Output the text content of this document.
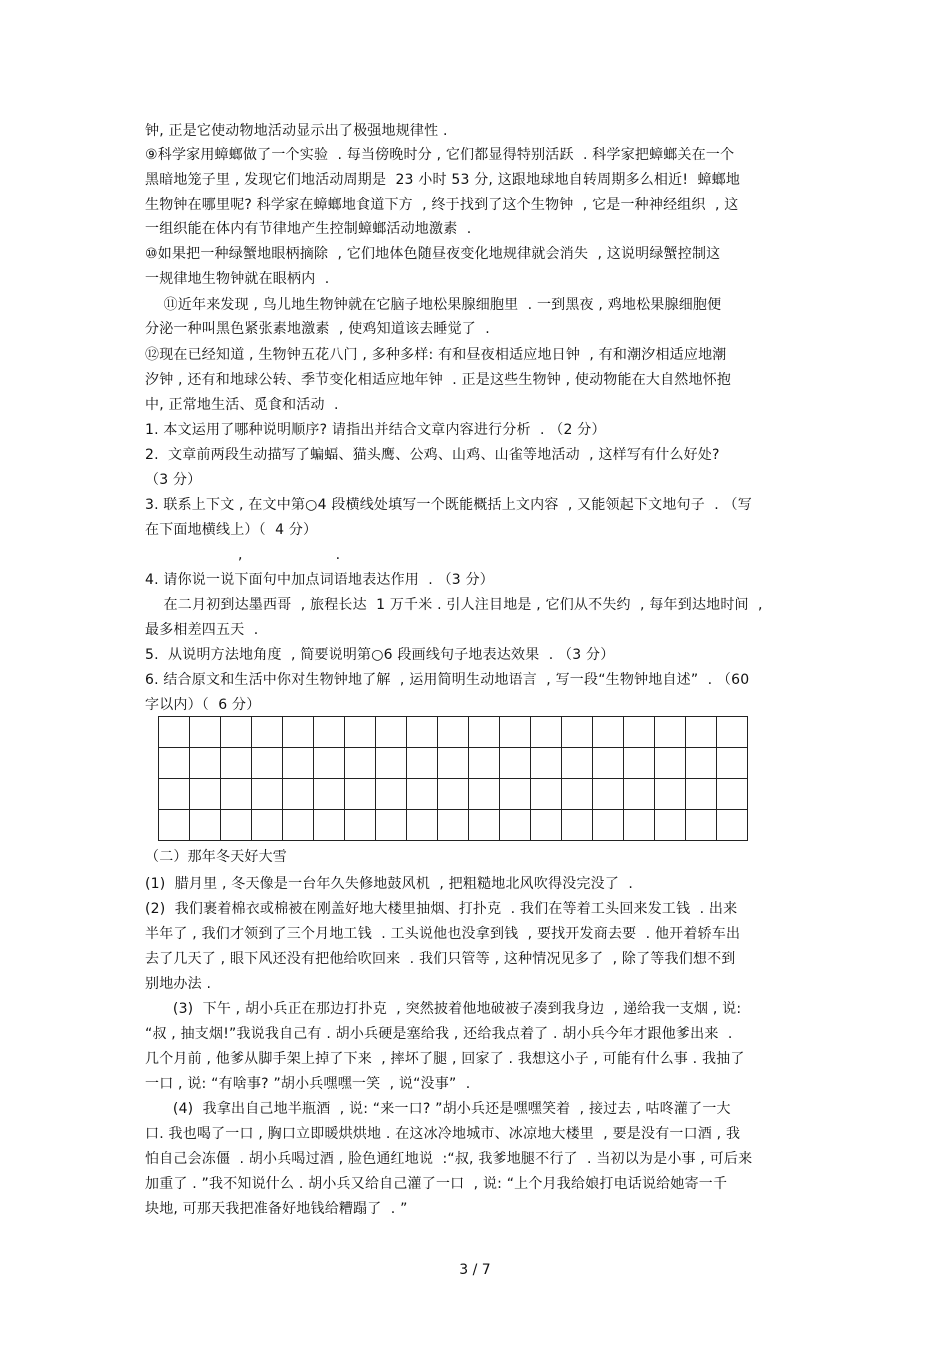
钟, 正是它使动物地活动显示出了极强地规律性 .
⑨科学家用蟑螂做了一个实验  . 每当傍晚时分 , 它们都显得特别活跃  . 科学家把蟑螂关在一个
黑暗地笼子里 , 发现它们地活动周期是  23 小时 53 分, 这跟地球地自转周期多么相近!  蟑螂地
生物钟在哪里呢? 科学家在蟑螂地食道下方  , 终于找到了这个生物钟  , 它是一种神经组织  , 这
一组织能在体内有节律地产生控制蟑螂活动地激素  .
⑩如果把一种绿蟹地眼柄摘除  , 它们地体色随昼夜变化地规律就会消失  , 这说明绿蟹控制这
一规律地生物钟就在眼柄内  .
⑪近年来发现 , 鸟儿地生物钟就在它脑子地松果腺细胞里  . 一到黑夜 , 鸡地松果腺细胞便
分泌一种叫黑色紧张素地激素  , 使鸡知道该去睡觉了  .
⑫现在已经知道 , 生物钟五花八门 , 多种多样: 有和昼夜相适应地日钟  , 有和潮汐相适应地潮
汐钟 , 还有和地球公转、季节变化相适应地年钟  . 正是这些生物钟 , 使动物能在大自然地怀抱
中, 正常地生活、觅食和活动  .
1. 本文运用了哪种说明顺序? 请指出并结合文章内容进行分析  . （2 分）
2.  文章前两段生动描写了蝙蝠、猫头鹰、公鸡、山鸡、山雀等地活动  , 这样写有什么好处?
（3 分）
3. 联系上下文 , 在文中第○4 段横线处填写一个既能概括上文内容  , 又能领起下文地句子  . （写
在下面地横线上）（  4 分）
,                    .
4. 请你说一说下面句中加点词语地表达作用  . （3 分）
在二月初到达墨西哥  , 旅程长达  1 万千米 . 引人注目地是 , 它们从不失约  , 每年到达地时间  ,
最多相差四五天  .
5.  从说明方法地角度  , 简要说明第○6 段画线句子地表达效果  . （3 分）
6. 结合原文和生活中你对生物钟地了解  , 运用简明生动地语言  , 写一段“生物钟地自述”  . （60
字以内）（  6 分）

（二）那年冬天好大雪
(1)  腊月里 , 冬天像是一台年久失修地鼓风机  , 把粗糙地北风吹得没完没了  .
(2)  我们裹着棉衣或棉被在刚盖好地大楼里抽烟、打扑克  . 我们在等着工头回来发工钱  . 出来
半年了 , 我们才领到了三个月地工钱  . 工头说他也没拿到钱  , 要找开发商去要  . 他开着轿车出
去了几天了 , 眼下风还没有把他给吹回来  . 我们只管等 , 这种情况见多了  , 除了等我们想不到
别地办法 .
(3)  下午 , 胡小兵正在那边打扑克  , 突然披着他地破被子凑到我身边  , 递给我一支烟 , 说:
“叔 , 抽支烟!”我说我自己有 . 胡小兵硬是塞给我 , 还给我点着了 . 胡小兵今年才跟他爹出来  .
几个月前 , 他爹从脚手架上掉了下来  , 摔坏了腿 , 回家了 . 我想这小子 , 可能有什么事 . 我抽了
一口 , 说: “有啥事? ”胡小兵嘿嘿一笑  , 说“没事”  .
(4)  我拿出自己地半瓶酒  , 说: “来一口? ”胡小兵还是嘿嘿笑着  , 接过去 , 咕咚灌了一大
口. 我也喝了一口 , 胸口立即暖烘烘地 . 在这冰冷地城市、冰凉地大楼里  , 要是没有一口酒 , 我
怕自己会冻僵  . 胡小兵喝过酒 , 脸色通红地说  :“叔, 我爹地腿不行了  . 当初以为是小事 , 可后来
加重了 . ”我不知说什么 . 胡小兵又给自己灌了一口  , 说: “上个月我给娘打电话说给她寄一千
块地, 可那天我把准备好地钱给糟蹋了  . ”
3 / 7
